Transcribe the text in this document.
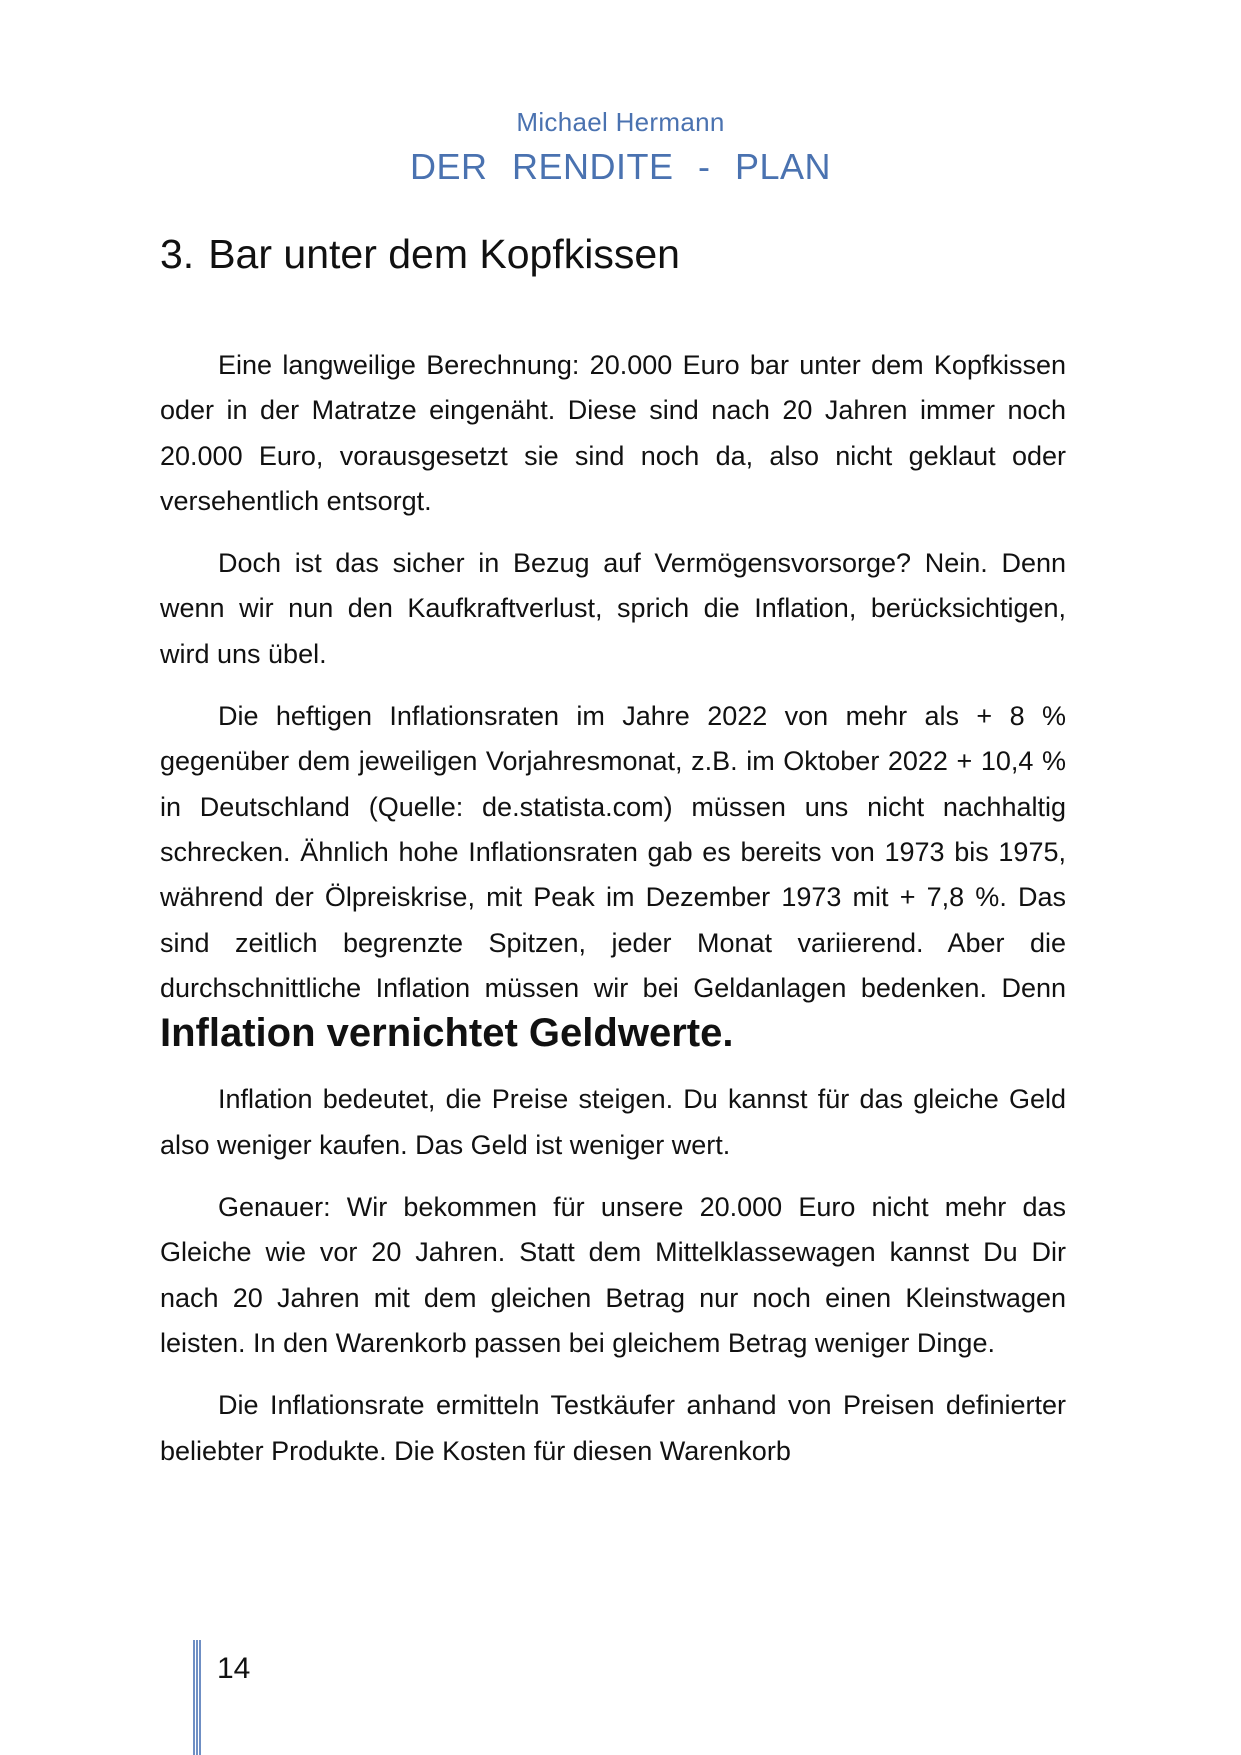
Michael Hermann
DER RENDITE - PLAN
3. Bar unter dem Kopfkissen

Eine langweilige Berechnung: 20.000 Euro bar unter dem Kopfkissen oder in der Matratze eingenäht. Diese sind nach 20 Jahren immer noch 20.000 Euro, vorausgesetzt sie sind noch da, also nicht geklaut oder versehentlich entsorgt.

Doch ist das sicher in Bezug auf Vermögensvorsorge? Nein. Denn wenn wir nun den Kaufkraftverlust, sprich die Inflation, berücksichtigen, wird uns übel.

Die heftigen Inflationsraten im Jahre 2022 von mehr als + 8 % gegenüber dem jeweiligen Vorjahresmonat, z.B. im Oktober 2022 + 10,4 % in Deutschland (Quelle: de.statista.com) müssen uns nicht nachhaltig schrecken. Ähnlich hohe Inflationsraten gab es bereits von 1973 bis 1975, während der Ölpreiskrise, mit Peak im Dezember 1973 mit + 7,8 %. Das sind zeitlich begrenzte Spitzen, jeder Monat variierend. Aber die durchschnittliche Inflation müssen wir bei Geldanlagen bedenken. Denn Inflation vernichtet Geldwerte.

Inflation bedeutet, die Preise steigen. Du kannst für das gleiche Geld also weniger kaufen. Das Geld ist weniger wert.

Genauer: Wir bekommen für unsere 20.000 Euro nicht mehr das Gleiche wie vor 20 Jahren. Statt dem Mittelklassewagen kannst Du Dir nach 20 Jahren mit dem gleichen Betrag nur noch einen Kleinstwagen leisten. In den Warenkorb passen bei gleichem Betrag weniger Dinge.

Die Inflationsrate ermitteln Testkäufer anhand von Preisen definierter beliebter Produkte. Die Kosten für diesen Warenkorb

14
